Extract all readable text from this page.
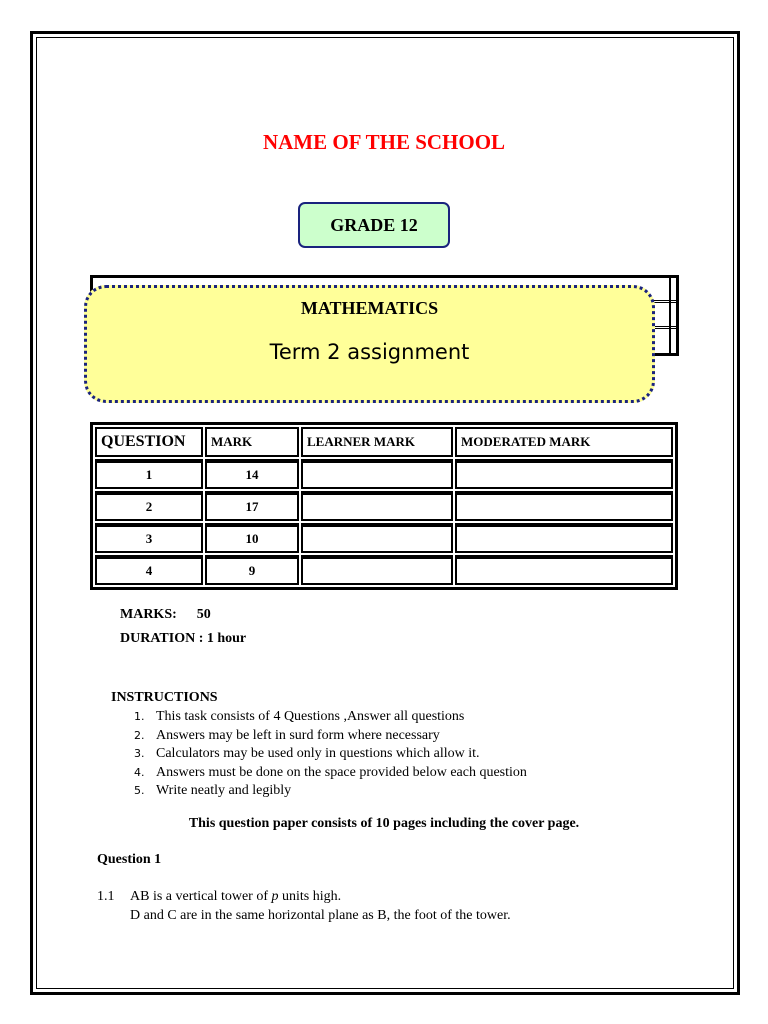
NAME OF THE SCHOOL
GRADE 12
MATHEMATICS
Term 2 assignment
QUESTION	MARK	LEARNER MARK	MODERATED MARK
1	14		
2	17		
3	10		
4	9		
MARKS: 50
DURATION : 1 hour
INSTRUCTIONS
1. This task consists of 4 Questions ,Answer all questions
2. Answers may be left in surd form where necessary
3. Calculators may be used only in questions which allow it.
4. Answers must be done on the space provided below each question
5. Write neatly and legibly
This question paper consists of 10 pages including the cover page.
Question 1
1.1 AB is a vertical tower of p units high.
D and C are in the same horizontal plane as B, the foot of the tower.
